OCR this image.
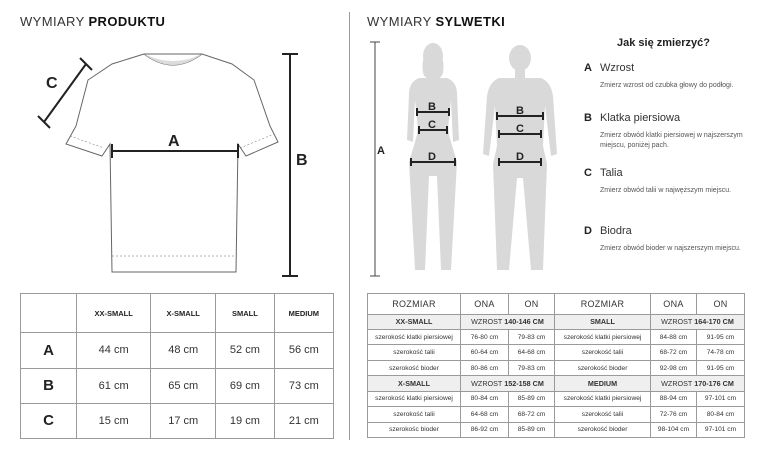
WYMIARY PRODUKTU
A
B
C
	XX-SMALL	X-SMALL	SMALL	MEDIUM
A	44 cm	48 cm	52 cm	56 cm
B	61 cm	65 cm	69 cm	73 cm
C	15 cm	17 cm	19 cm	21 cm
WYMIARY SYLWETKI
A
B
C
D
B
C
D
Jak się zmierzyć?
A Wzrost
Zmierz wzrost od czubka głowy do podłogi.
B Klatka piersiowa
Zmierz obwód klatki piersiowej w najszerszym miejscu, poniżej pach.
C Talia
Zmierz obwód talii w najwęższym miejscu.
D Biodra
Zmierz obwód bioder w najszerszym miejscu.
ROZMIAR	ONA	ON	ROZMIAR	ONA	ON
XX-SMALL	WZROST 140-146 CM		SMALL	WZROST 164-170 CM	
szerokość klatki piersiowej	76-80 cm	79-83 cm	szerokość klatki piersiowej	84-88 cm	91-95 cm
szerokość talii	60-64 cm	64-68 cm	szerokość talii	68-72 cm	74-78 cm
szerokość bioder	80-86 cm	79-83 cm	szerokość bioder	92-98 cm	91-95 cm
X-SMALL	WZROST 152-158 CM		MEDIUM	WZROST 170-176 CM	
szerokość klatki piersiowej	80-84 cm	85-89 cm	szerokość klatki piersiowej	88-94 cm	97-101 cm
szerokość talii	64-68 cm	68-72 cm	szerokość talii	72-76 cm	80-84 cm
szerokośc bioder	86-92 cm	85-89 cm	szerokość bioder	98-104 cm	97-101 cm
